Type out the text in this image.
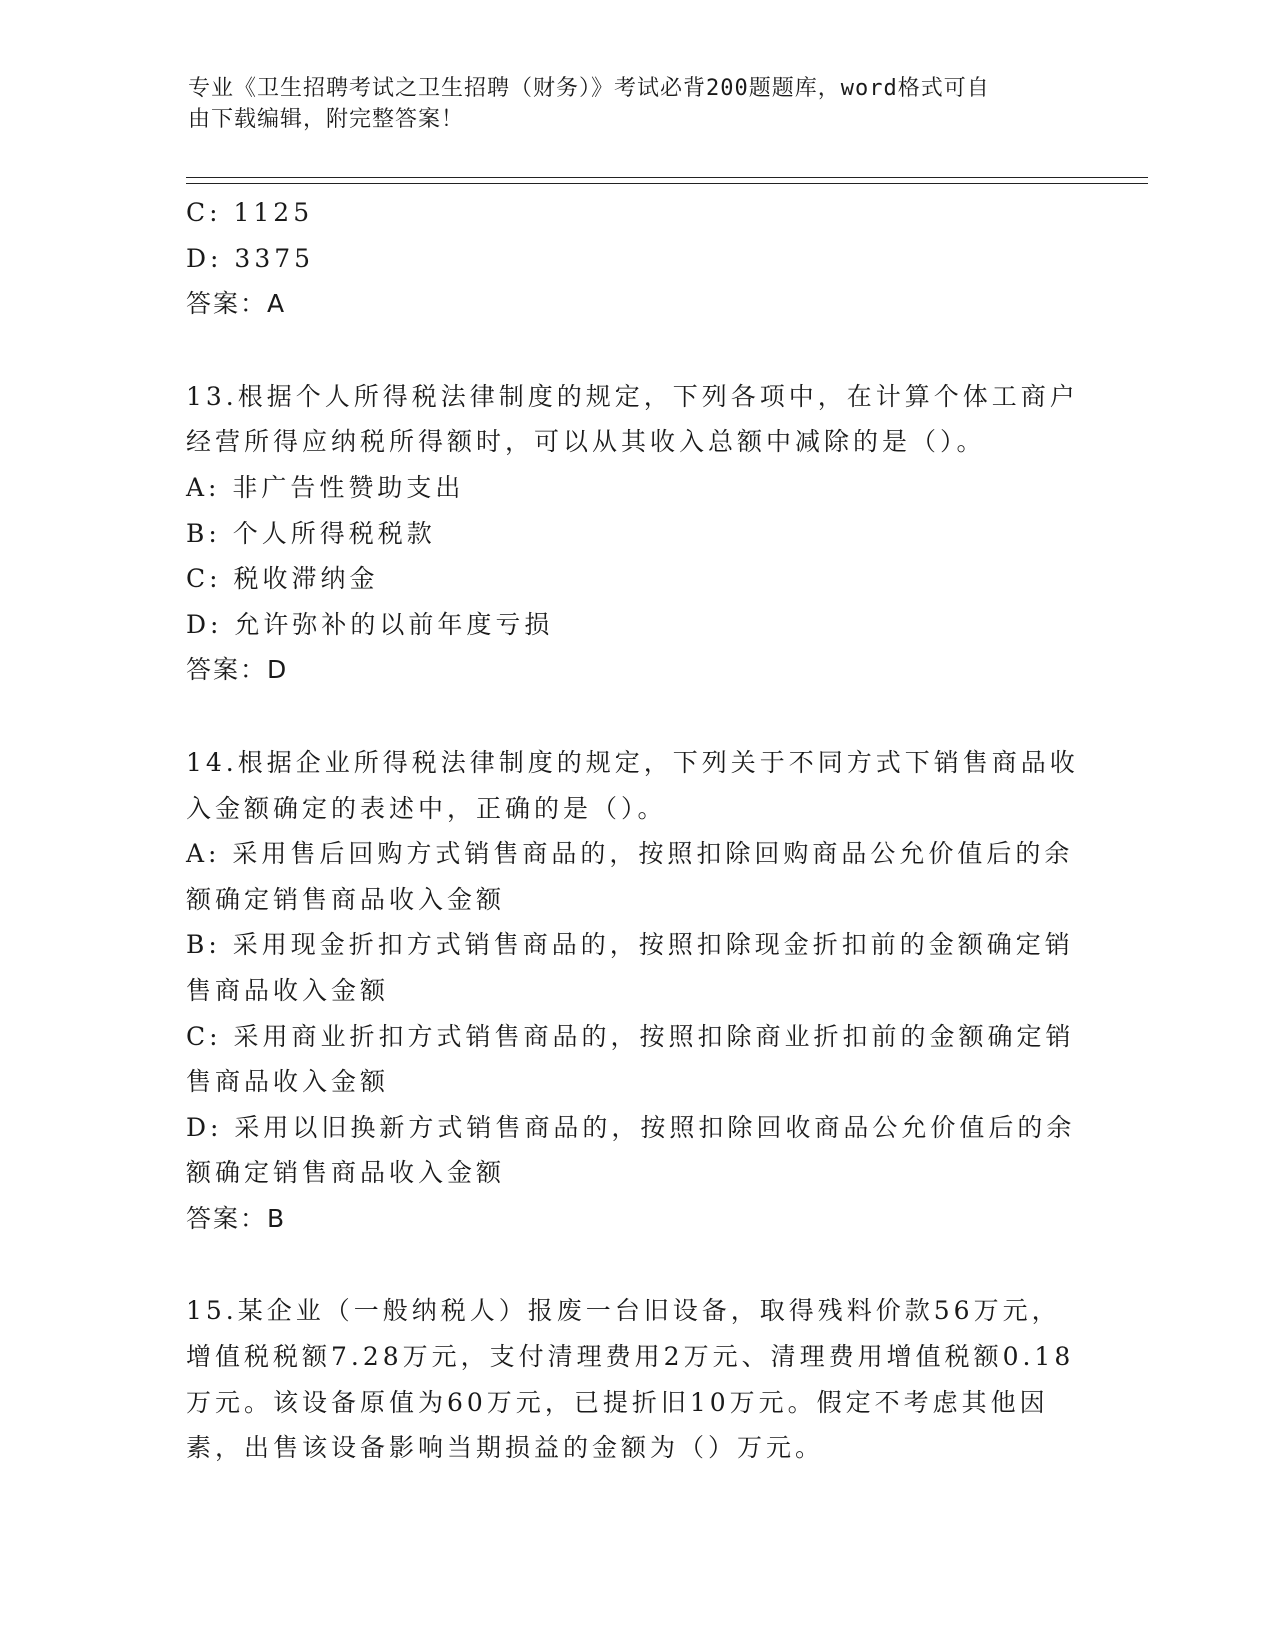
专业《卫生招聘考试之卫生招聘（财务）》考试必背200题题库，word格式可自
由下载编辑，附完整答案！
C: 1125
D: 3375
答案：A
13.根据个人所得税法律制度的规定，下列各项中，在计算个体工商户
经营所得应纳税所得额时，可以从其收入总额中减除的是（）。
A: 非广告性赞助支出
B: 个人所得税税款
C: 税收滞纳金
D: 允许弥补的以前年度亏损
答案：D
14.根据企业所得税法律制度的规定，下列关于不同方式下销售商品收
入金额确定的表述中，正确的是（）。
A: 采用售后回购方式销售商品的，按照扣除回购商品公允价值后的余
额确定销售商品收入金额
B: 采用现金折扣方式销售商品的，按照扣除现金折扣前的金额确定销
售商品收入金额
C: 采用商业折扣方式销售商品的，按照扣除商业折扣前的金额确定销
售商品收入金额
D: 采用以旧换新方式销售商品的，按照扣除回收商品公允价值后的余
额确定销售商品收入金额
答案：B
15.某企业（一般纳税人）报废一台旧设备，取得残料价款56万元，
增值税税额7.28万元，支付清理费用2万元、清理费用增值税额0.18
万元。该设备原值为60万元，已提折旧10万元。假定不考虑其他因
素，出售该设备影响当期损益的金额为（）万元。
